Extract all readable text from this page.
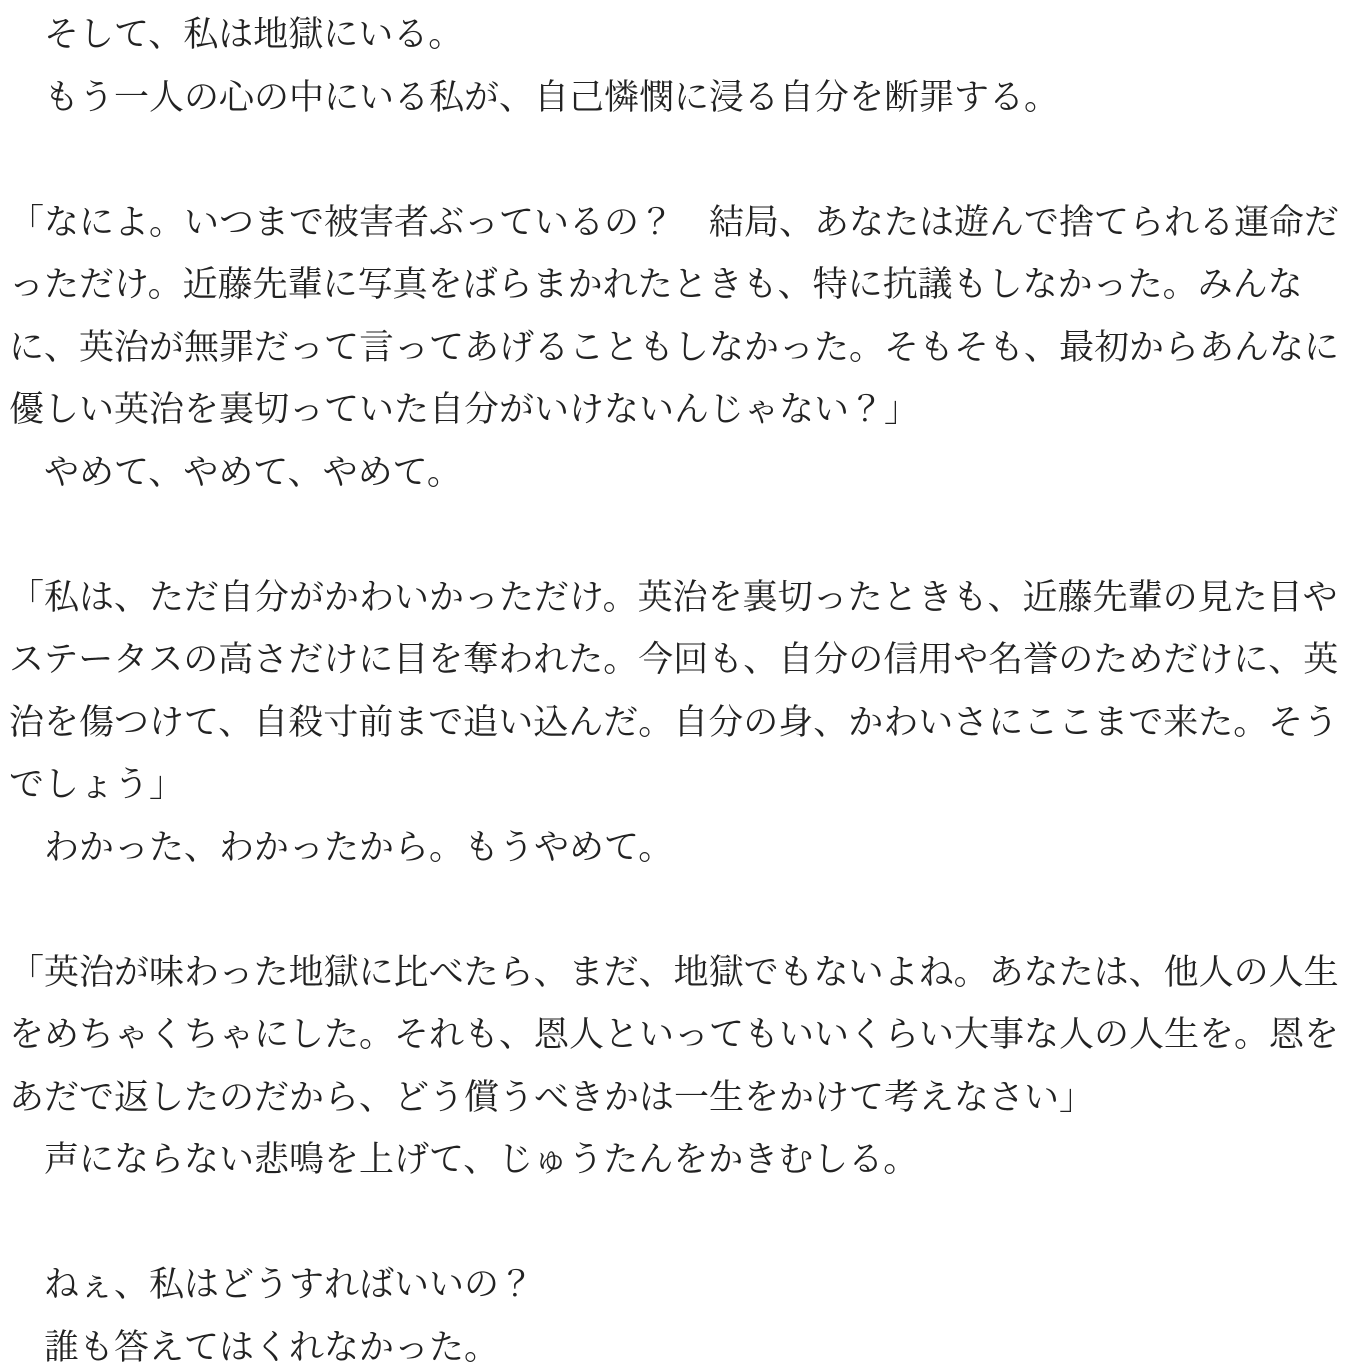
　そして、私は地獄にいる。
　もう一人の心の中にいる私が、自己憐憫に浸る自分を断罪する。
「なによ。いつまで被害者ぶっているの？　結局、あなたは遊んで捨てられる運命だ
っただけ。近藤先輩に写真をばらまかれたときも、特に抗議もしなかった。みんな
に、英治が無罪だって言ってあげることもしなかった。そもそも、最初からあんなに
優しい英治を裏切っていた自分がいけないんじゃない？」
　やめて、やめて、やめて。
「私は、ただ自分がかわいかっただけ。英治を裏切ったときも、近藤先輩の見た目や
ステータスの高さだけに目を奪われた。今回も、自分の信用や名誉のためだけに、英
治を傷つけて、自殺寸前まで追い込んだ。自分の身、かわいさにここまで来た。そう
でしょう」
　わかった、わかったから。もうやめて。
「英治が味わった地獄に比べたら、まだ、地獄でもないよね。あなたは、他人の人生
をめちゃくちゃにした。それも、恩人といってもいいくらい大事な人の人生を。恩を
あだで返したのだから、どう償うべきかは一生をかけて考えなさい」
　声にならない悲鳴を上げて、じゅうたんをかきむしる。
　ねぇ、私はどうすればいいの？
　誰も答えてはくれなかった。
